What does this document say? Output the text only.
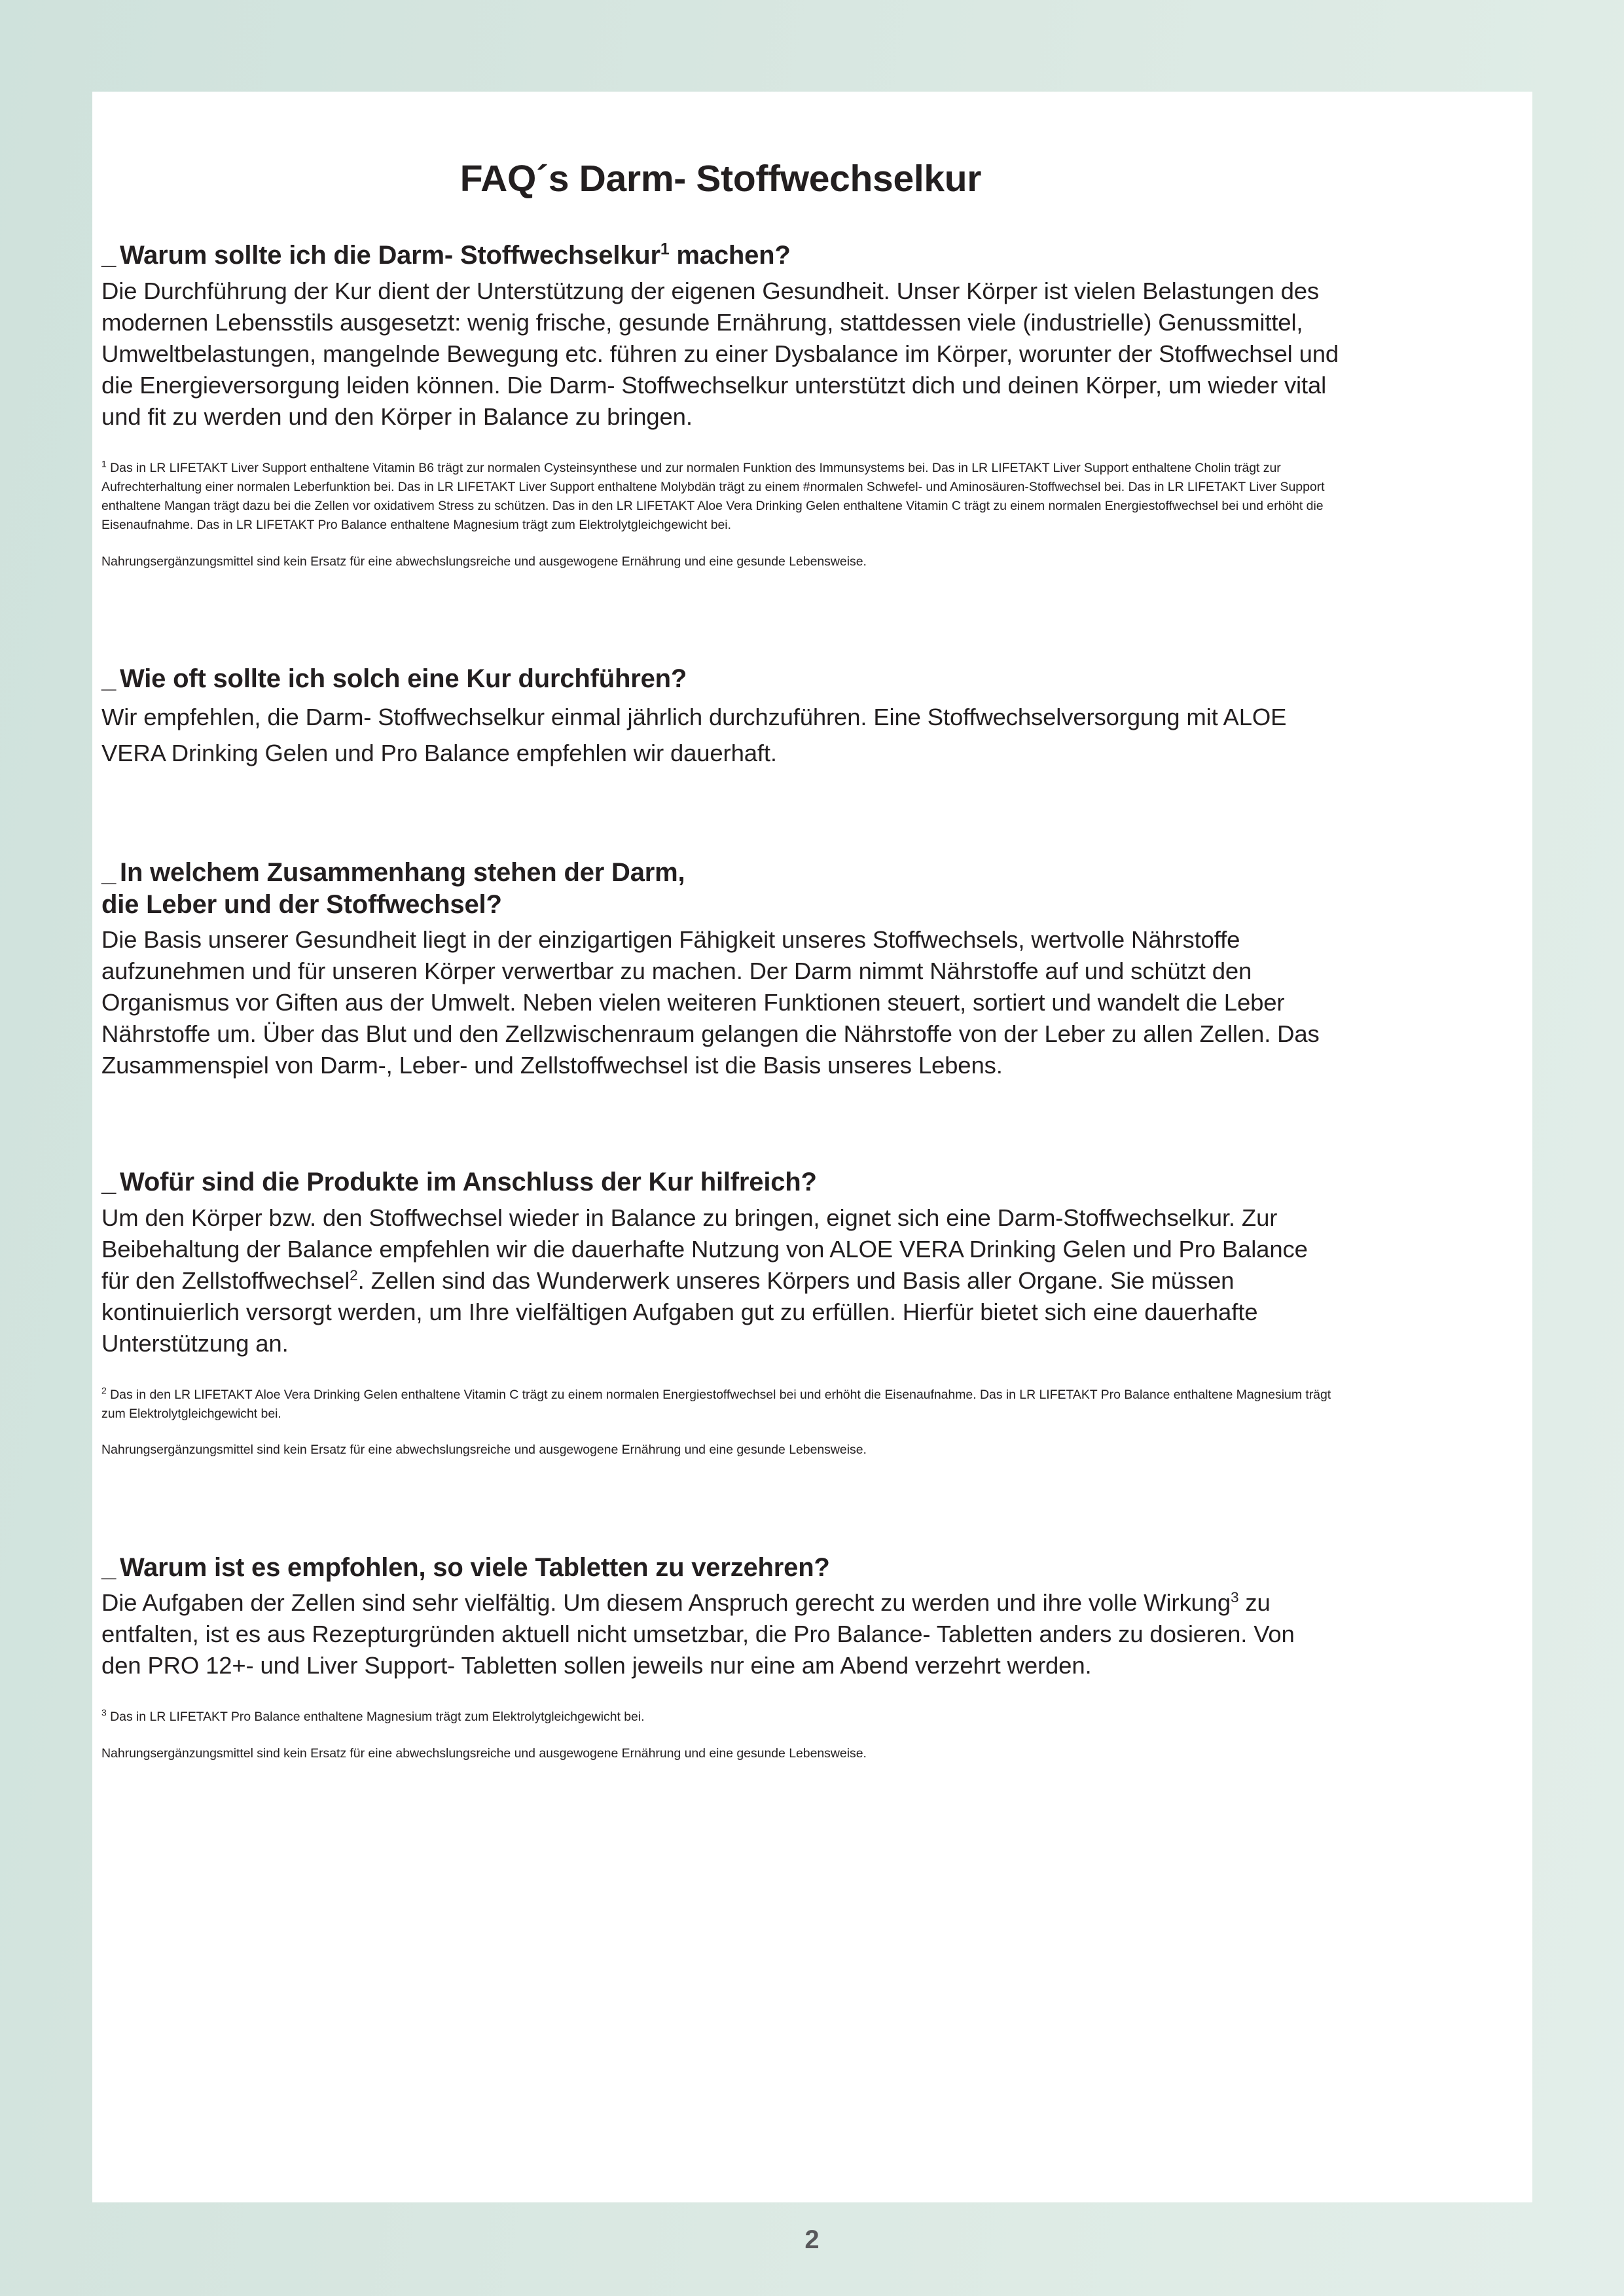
FAQ´s Darm- Stoffwechselkur
_ Warum sollte ich die Darm- Stoffwechselkur$^1$ machen?

Die Durchführung der Kur dient der Unterstützung der eigenen Gesundheit. Unser Körper ist vielen Belastungen des modernen Lebensstils ausgesetzt: wenig frische, gesunde Ernährung, stattdessen viele (industrielle) Genussmittel, Umweltbelastungen, mangelnde Bewegung etc. führen zu einer Dysbalance im Körper, worunter der Stoffwechsel und die Energieversorgung leiden können. Die Darm- Stoffwechselkur unterstützt dich und deinen Körper, um wieder vital und fit zu werden und den Körper in Balance zu bringen.

$^1$ Das in LR LIFETAKT Liver Support enthaltene Vitamin B6 trägt zur normalen Cysteinsynthese und zur normalen Funktion des Immunsystems bei. Das in LR LIFETAKT Liver Support enthaltene Cholin trägt zur Aufrechterhaltung einer normalen Leberfunktion bei. Das in LR LIFETAKT Liver Support enthaltene Molybdän trägt zu einem #normalen Schwefel- und Aminosäuren-Stoffwechsel bei. Das in LR LIFETAKT Liver Support enthaltene Mangan trägt dazu bei die Zellen vor oxidativem Stress zu schützen. Das in den LR LIFETAKT Aloe Vera Drinking Gelen enthaltene Vitamin C trägt zu einem normalen Energiestoffwechsel bei und erhöht die Eisenaufnahme. Das in LR LIFETAKT Pro Balance enthaltene Magnesium trägt zum Elektrolytgleichgewicht bei.

Nahrungsergänzungsmittel sind kein Ersatz für eine abwechslungsreiche und ausgewogene Ernährung und eine gesunde Lebensweise.

_ Wie oft sollte ich solch eine Kur durchführen?

Wir empfehlen, die Darm- Stoffwechselkur einmal jährlich durchzuführen. Eine Stoffwechselversorgung mit ALOE VERA Drinking Gelen und Pro Balance empfehlen wir dauerhaft.

_ In welchem Zusammenhang stehen der Darm,
die Leber und der Stoffwechsel?

Die Basis unserer Gesundheit liegt in der einzigartigen Fähigkeit unseres Stoffwechsels, wertvolle Nährstoffe aufzunehmen und für unseren Körper verwertbar zu machen. Der Darm nimmt Nährstoffe auf und schützt den Organismus vor Giften aus der Umwelt. Neben vielen weiteren Funktionen steuert, sortiert und wandelt die Leber Nährstoffe um. Über das Blut und den Zellzwischenraum gelangen die Nährstoffe von der Leber zu allen Zellen. Das Zusammenspiel von Darm-, Leber- und Zellstoffwechsel ist die Basis unseres Lebens.

_ Wofür sind die Produkte im Anschluss der Kur hilfreich?

Um den Körper bzw. den Stoffwechsel wieder in Balance zu bringen, eignet sich eine Darm-Stoffwechselkur. Zur Beibehaltung der Balance empfehlen wir die dauerhafte Nutzung von ALOE VERA Drinking Gelen und Pro Balance für den Zellstoffwechsel$^2$. Zellen sind das Wunderwerk unseres Körpers und Basis aller Organe. Sie müssen kontinuierlich versorgt werden, um Ihre vielfältigen Aufgaben gut zu erfüllen. Hierfür bietet sich eine dauerhafte Unterstützung an.

$^2$ Das in den LR LIFETAKT Aloe Vera Drinking Gelen enthaltene Vitamin C trägt zu einem normalen Energiestoffwechsel bei und erhöht die Eisenaufnahme. Das in LR LIFETAKT Pro Balance enthaltene Magnesium trägt zum Elektrolytgleichgewicht bei.

Nahrungsergänzungsmittel sind kein Ersatz für eine abwechslungsreiche und ausgewogene Ernährung und eine gesunde Lebensweise.

_ Warum ist es empfohlen, so viele Tabletten zu verzehren?

Die Aufgaben der Zellen sind sehr vielfältig. Um diesem Anspruch gerecht zu werden und ihre volle Wirkung$^3$ zu entfalten, ist es aus Rezepturgründen aktuell nicht umsetzbar, die Pro Balance- Tabletten anders zu dosieren. Von den PRO 12+- und Liver Support- Tabletten sollen jeweils nur eine am Abend verzehrt werden.

$^3$ Das in LR LIFETAKT Pro Balance enthaltene Magnesium trägt zum Elektrolytgleichgewicht bei.

Nahrungsergänzungsmittel sind kein Ersatz für eine abwechslungsreiche und ausgewogene Ernährung und eine gesunde Lebensweise.

2
